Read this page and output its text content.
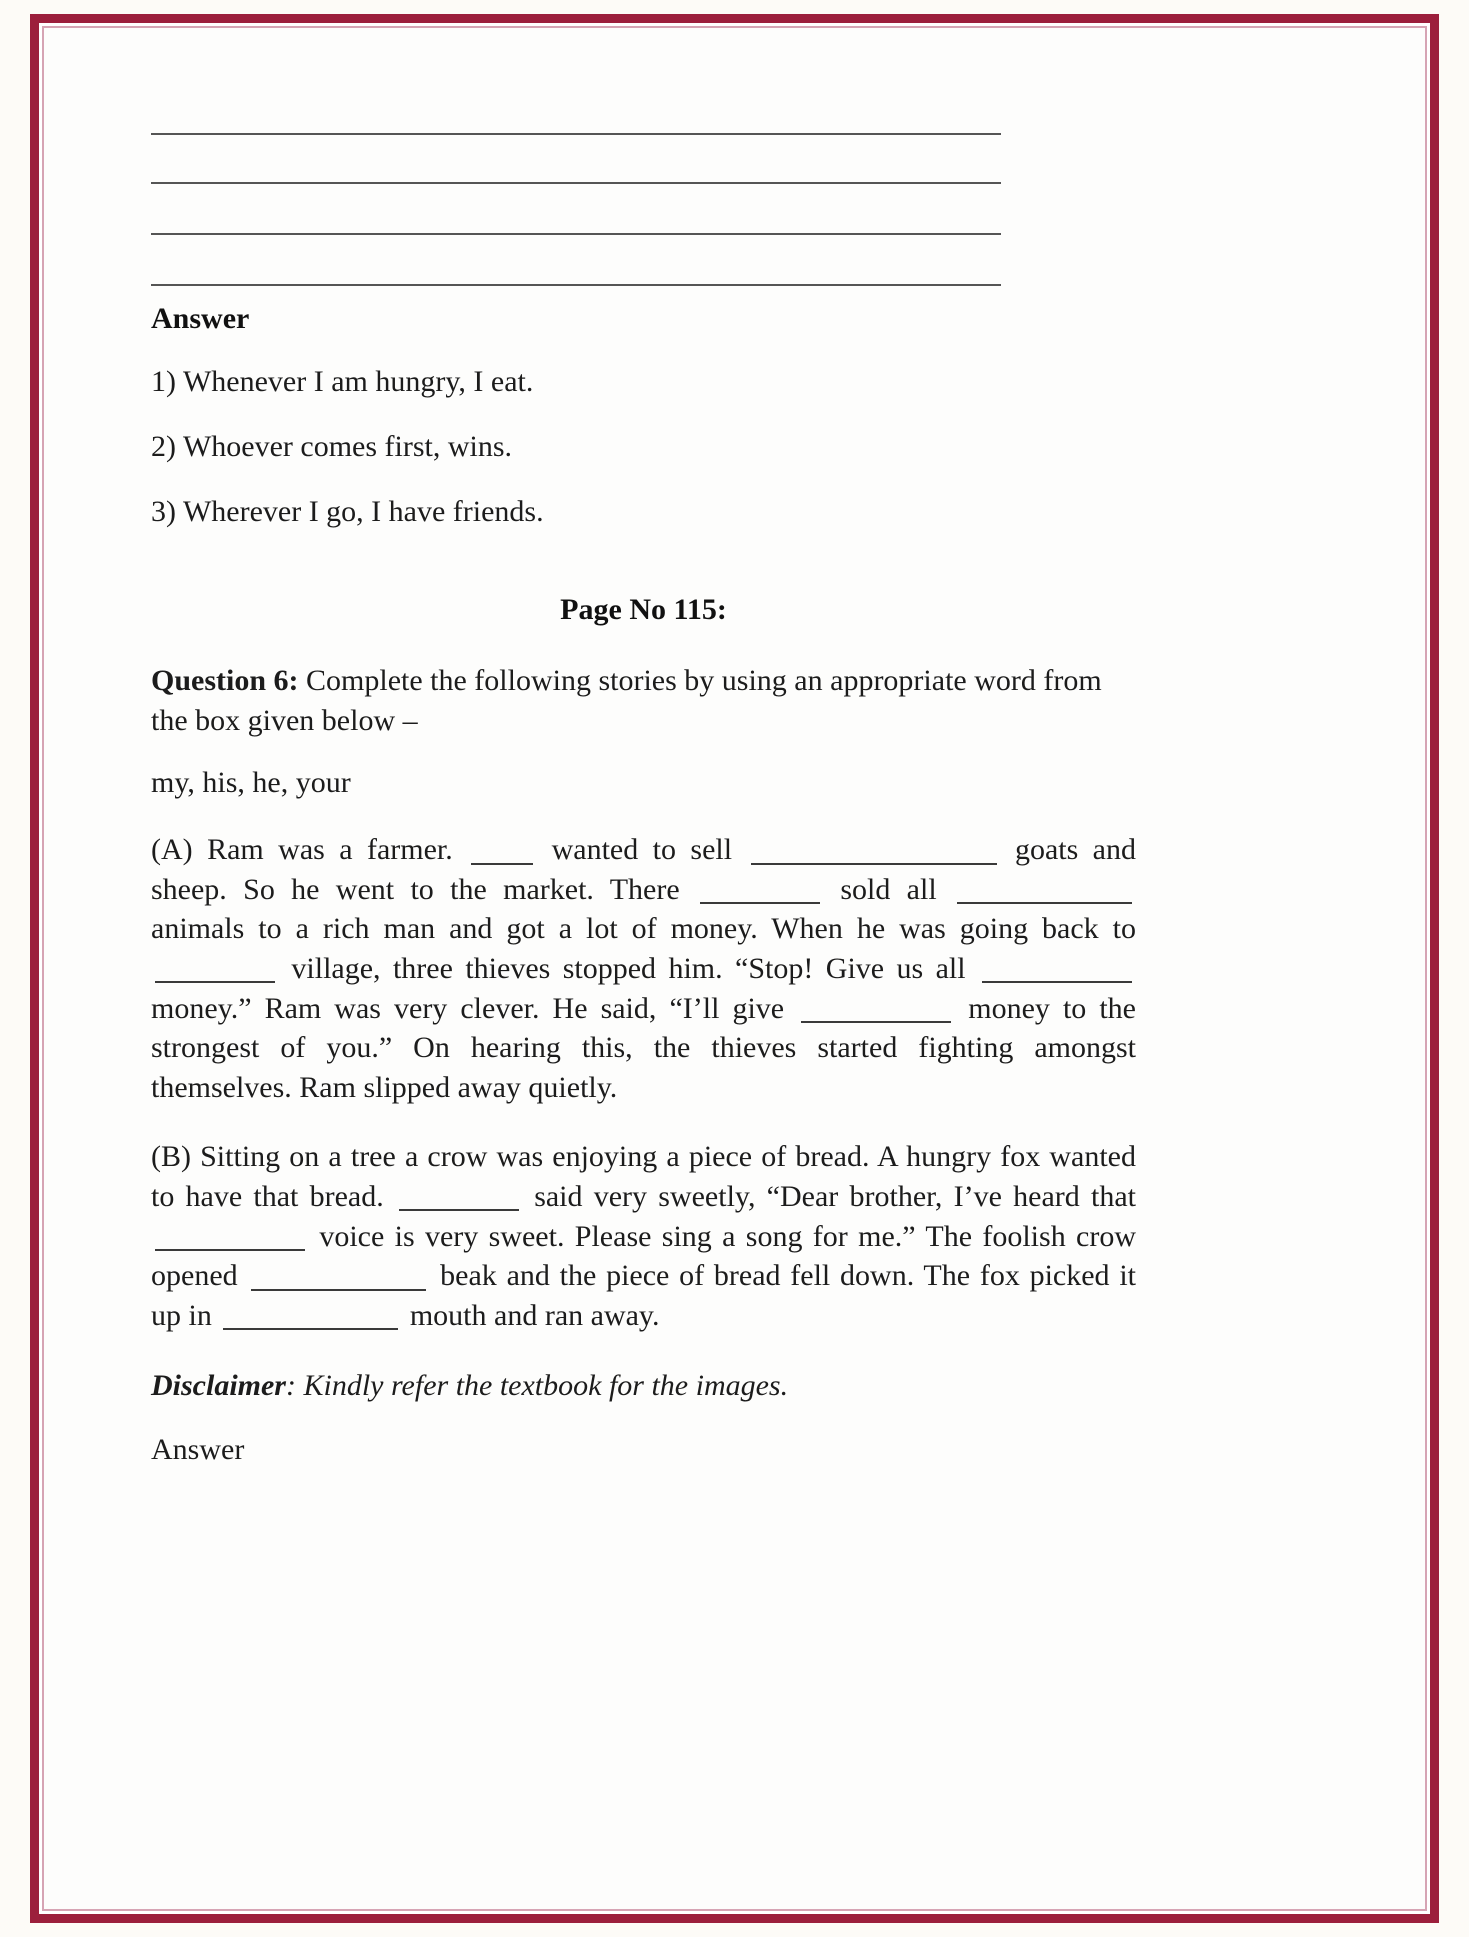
Answer
1) Whenever I am hungry, I eat.
2) Whoever comes first, wins.
3) Wherever I go, I have friends.
Page No 115:

Question 6: Complete the following stories by using an appropriate word from the box given below –

my, his, he, your

(A) Ram was a farmer.  wanted to sell	goats and sheep. So he went to the market. There	sold all  animals to a rich man and got a lot of money. When he was going back to  village, three thieves stopped him. “Stop! Give us all  money.” Ram was very clever. He said, “I’ll give	money to the strongest of you.” On hearing this, the thieves started fighting amongst themselves. Ram slipped away quietly.

(B) Sitting on a tree a crow was enjoying a piece of bread. A hungry fox wanted to have that bread.	said very sweetly, “Dear brother, I’ve heard that  voice is very sweet. Please sing a song for me.” The foolish crow opened	beak and the piece of bread fell down. The fox picked it up in	mouth and ran away.

Disclaimer: Kindly refer the textbook for the images.

Answer
